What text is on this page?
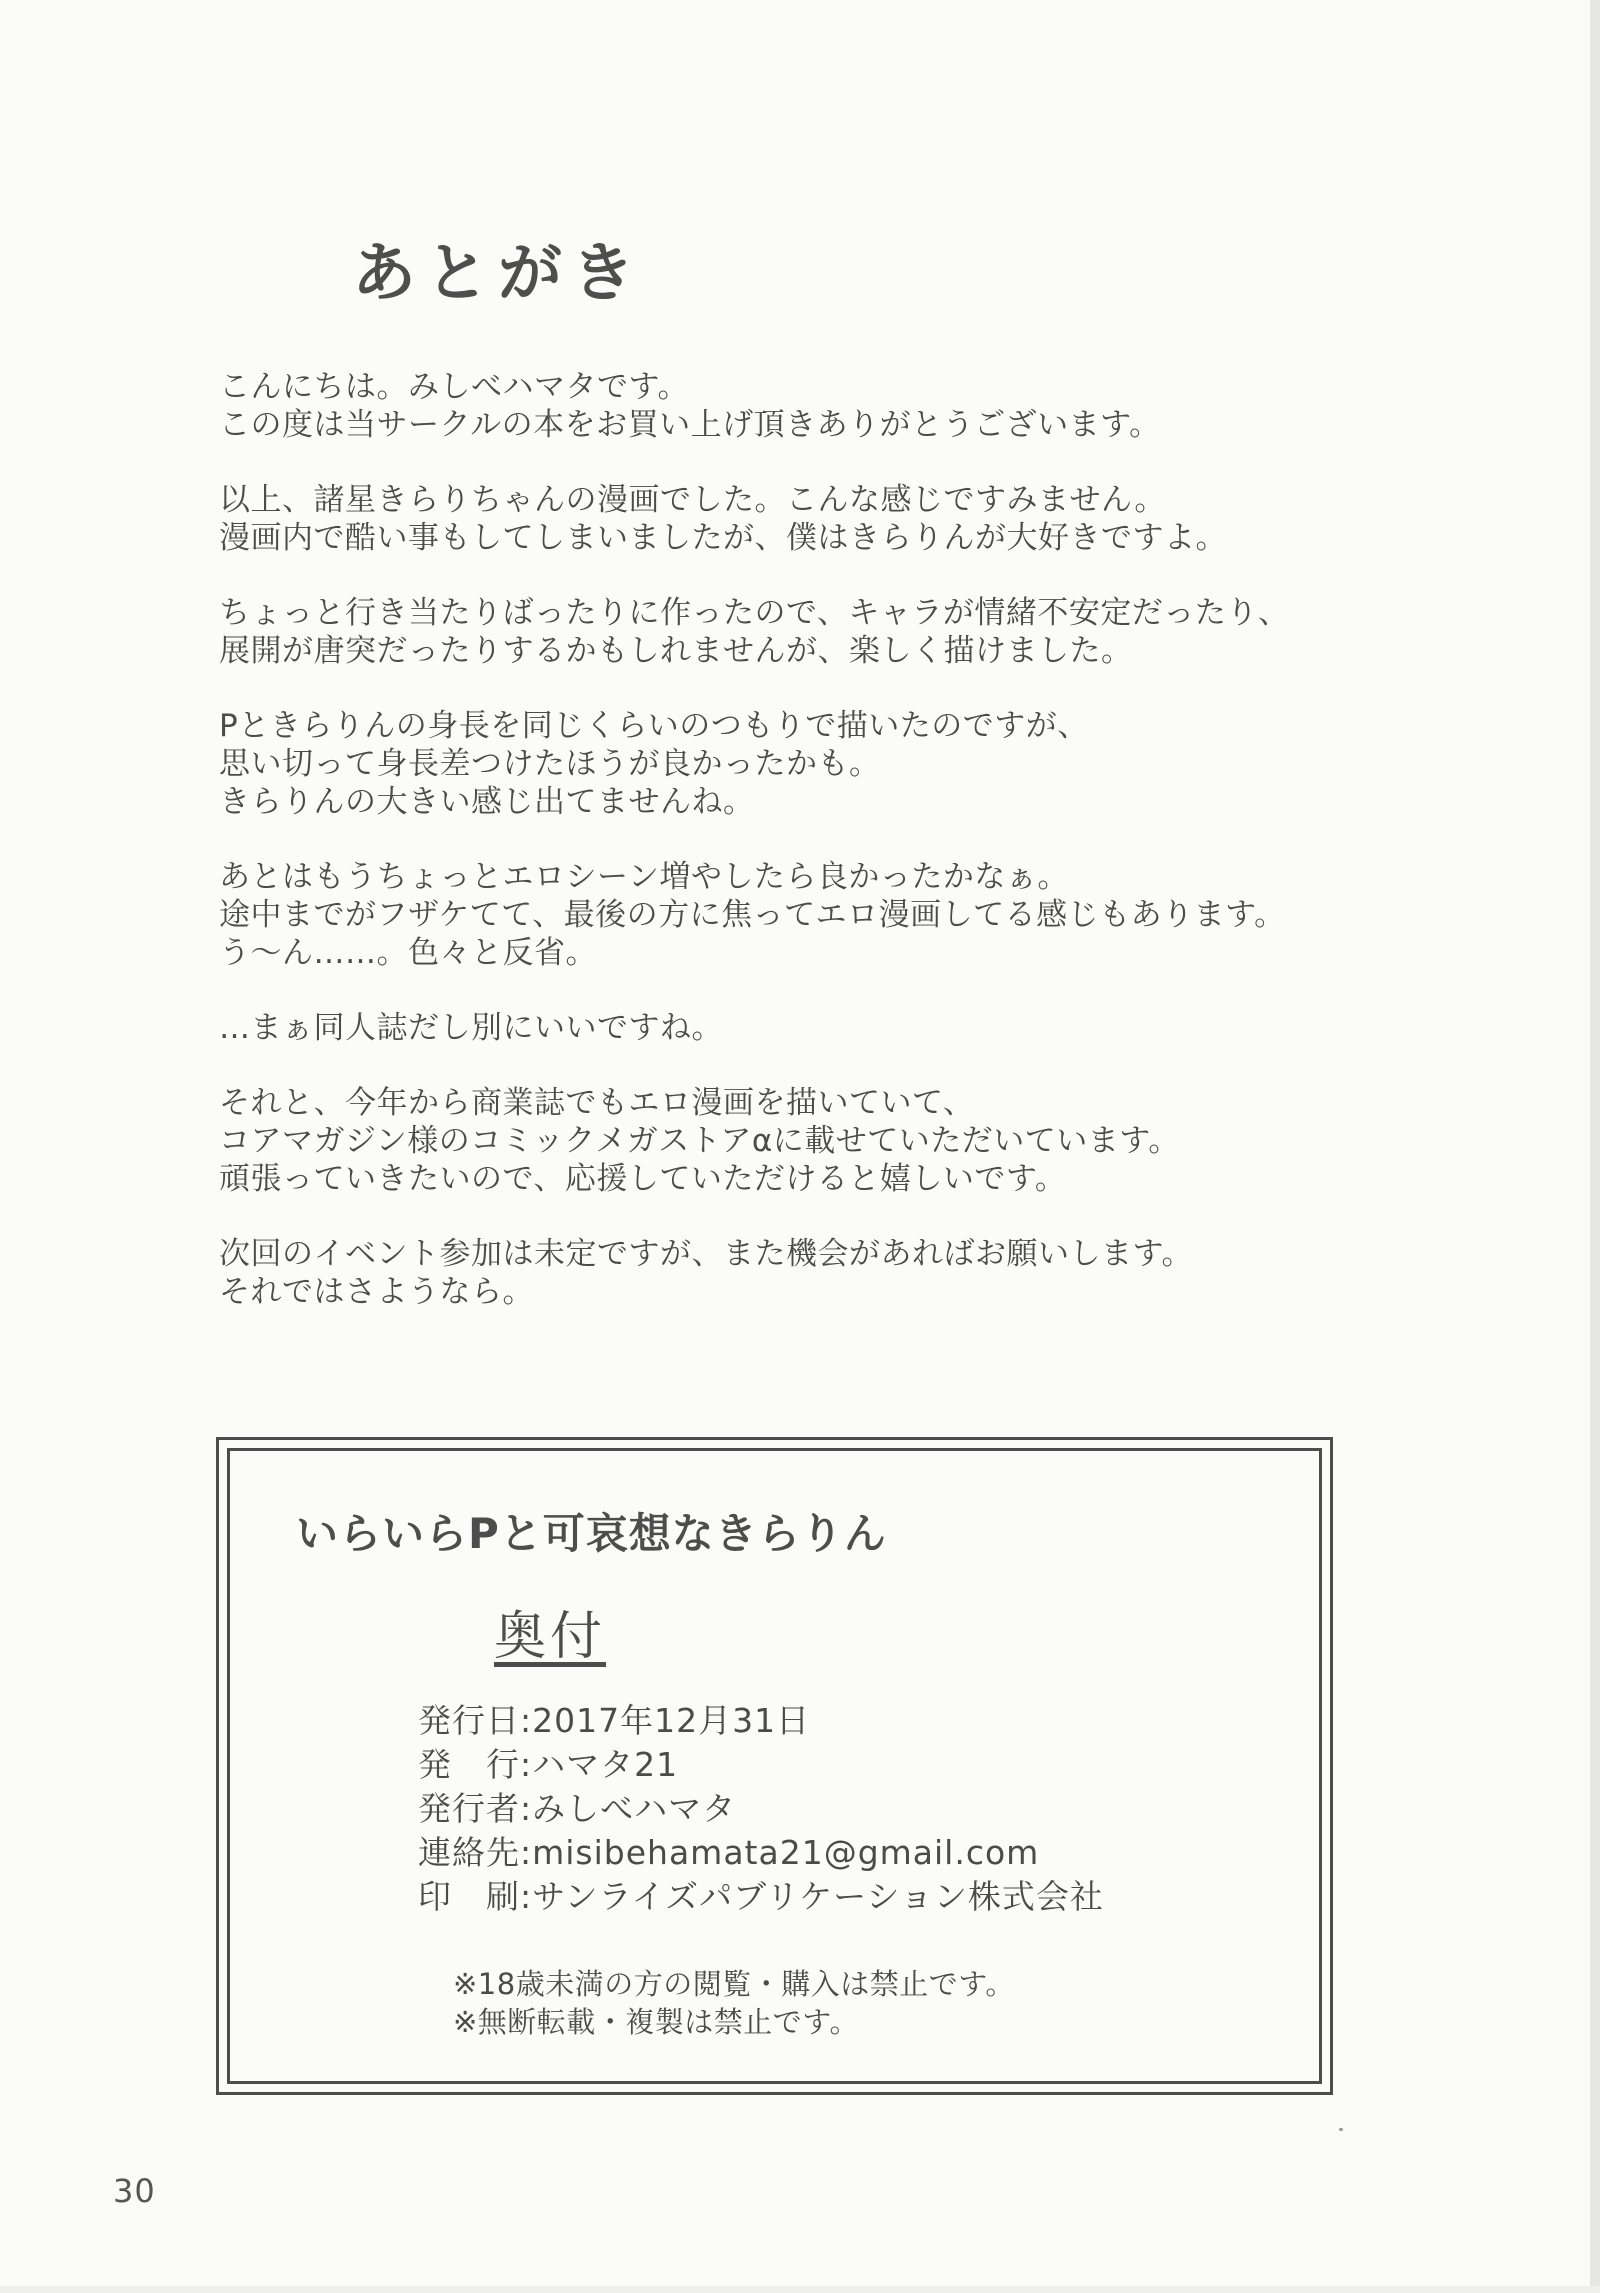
あとがき

こんにちは。みしべハマタです。
この度は当サークルの本をお買い上げ頂きありがとうございます。

以上、諸星きらりちゃんの漫画でした。こんな感じですみません。
漫画内で酷い事もしてしまいましたが、僕はきらりんが大好きですよ。

ちょっと行き当たりばったりに作ったので、キャラが情緒不安定だったり、
展開が唐突だったりするかもしれませんが、楽しく描けました。

Pときらりんの身長を同じくらいのつもりで描いたのですが、
思い切って身長差つけたほうが良かったかも。
きらりんの大きい感じ出てませんね。

あとはもうちょっとエロシーン増やしたら良かったかなぁ。
途中までがフザケてて、最後の方に焦ってエロ漫画してる感じもあります。
う〜ん……。色々と反省。

…まぁ同人誌だし別にいいですね。

それと、今年から商業誌でもエロ漫画を描いていて、
コアマガジン様のコミックメガストアαに載せていただいています。
頑張っていきたいので、応援していただけると嬉しいです。

次回のイベント参加は未定ですが、また機会があればお願いします。
それではさようなら。

いらいらPと可哀想なきらりん
奥付
発行日:2017年12月31日
発　行:ハマタ21
発行者:みしべハマタ
連絡先:misibehamata21@gmail.com
印　刷:サンライズパブリケーション株式会社
※18歳未満の方の閲覧・購入は禁止です。
※無断転載・複製は禁止です。
30
